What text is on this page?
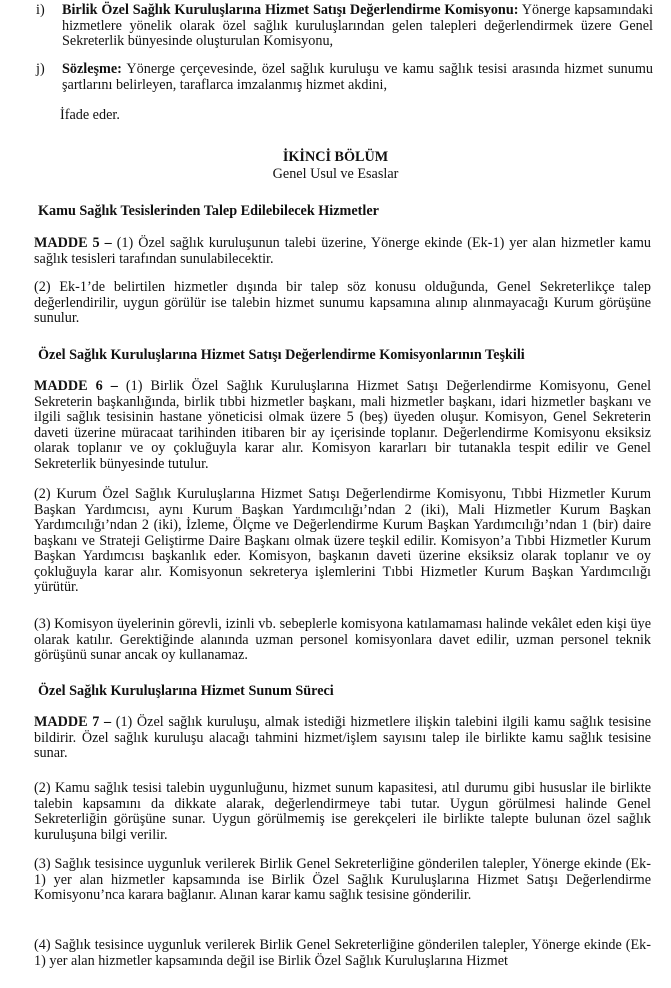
i) Birlik Özel Sağlık Kuruluşlarına Hizmet Satışı Değerlendirme Komisyonu: Yönerge kapsamındaki hizmetlere yönelik olarak özel sağlık kuruluşlarından gelen talepleri değerlendirmek üzere Genel Sekreterlik bünyesinde oluşturulan Komisyonu,
j) Sözleşme: Yönerge çerçevesinde, özel sağlık kuruluşu ve kamu sağlık tesisi arasında hizmet sunumu şartlarını belirleyen, taraflarca imzalanmış hizmet akdini,
İfade eder.
İKİNCİ BÖLÜM
Genel Usul ve Esaslar
Kamu Sağlık Tesislerinden Talep Edilebilecek Hizmetler
MADDE 5 – (1) Özel sağlık kuruluşunun talebi üzerine, Yönerge ekinde (Ek-1) yer alan hizmetler kamu sağlık tesisleri tarafından sunulabilecektir.
(2) Ek-1’de belirtilen hizmetler dışında bir talep söz konusu olduğunda, Genel Sekreterlikçe talep değerlendirilir, uygun görülür ise talebin hizmet sunumu kapsamına alınıp alınmayacağı Kurum görüşüne sunulur.
Özel Sağlık Kuruluşlarına Hizmet Satışı Değerlendirme Komisyonlarının Teşkili
MADDE 6 – (1) Birlik Özel Sağlık Kuruluşlarına Hizmet Satışı Değerlendirme Komisyonu, Genel Sekreterin başkanlığında, birlik tıbbi hizmetler başkanı, mali hizmetler başkanı, idari hizmetler başkanı ve ilgili sağlık tesisinin hastane yöneticisi olmak üzere 5 (beş) üyeden oluşur. Komisyon, Genel Sekreterin daveti üzerine müracaat tarihinden itibaren bir ay içerisinde toplanır. Değerlendirme Komisyonu eksiksiz olarak toplanır ve oy çokluğuyla karar alır. Komisyon kararları bir tutanakla tespit edilir ve Genel Sekreterlik bünyesinde tutulur.
(2) Kurum Özel Sağlık Kuruluşlarına Hizmet Satışı Değerlendirme Komisyonu, Tıbbi Hizmetler Kurum Başkan Yardımcısı, aynı Kurum Başkan Yardımcılığı’ndan 2 (iki), Mali Hizmetler Kurum Başkan Yardımcılığı’ndan 2 (iki), İzleme, Ölçme ve Değerlendirme Kurum Başkan Yardımcılığı’ndan 1 (bir) daire başkanı ve Strateji Geliştirme Daire Başkanı olmak üzere teşkil edilir. Komisyon’a Tıbbi Hizmetler Kurum Başkan Yardımcısı başkanlık eder. Komisyon, başkanın daveti üzerine eksiksiz olarak toplanır ve oy çokluğuyla karar alır. Komisyonun sekreterya işlemlerini Tıbbi Hizmetler Kurum Başkan Yardımcılığı yürütür.
(3) Komisyon üyelerinin görevli, izinli vb. sebeplerle komisyona katılamaması halinde vekâlet eden kişi üye olarak katılır. Gerektiğinde alanında uzman personel komisyonlara davet edilir, uzman personel teknik görüşünü sunar ancak oy kullanamaz.
Özel Sağlık Kuruluşlarına Hizmet Sunum Süreci
MADDE 7 – (1) Özel sağlık kuruluşu, almak istediği hizmetlere ilişkin talebini ilgili kamu sağlık tesisine bildirir. Özel sağlık kuruluşu alacağı tahmini hizmet/işlem sayısını talep ile birlikte kamu sağlık tesisine sunar.
(2) Kamu sağlık tesisi talebin uygunluğunu, hizmet sunum kapasitesi, atıl durumu gibi hususlar ile birlikte talebin kapsamını da dikkate alarak, değerlendirmeye tabi tutar. Uygun görülmesi halinde Genel Sekreterliğin görüşüne sunar. Uygun görülmemiş ise gerekçeleri ile birlikte talepte bulunan özel sağlık kuruluşuna bilgi verilir.
(3) Sağlık tesisince uygunluk verilerek Birlik Genel Sekreterliğine gönderilen talepler, Yönerge ekinde (Ek-1) yer alan hizmetler kapsamında ise Birlik Özel Sağlık Kuruluşlarına Hizmet Satışı Değerlendirme Komisyonu’nca karara bağlanır. Alınan karar kamu sağlık tesisine gönderilir.
(4) Sağlık tesisince uygunluk verilerek Birlik Genel Sekreterliğine gönderilen talepler, Yönerge ekinde (Ek-1) yer alan hizmetler kapsamında değil ise Birlik Özel Sağlık Kuruluşlarına Hizmet
